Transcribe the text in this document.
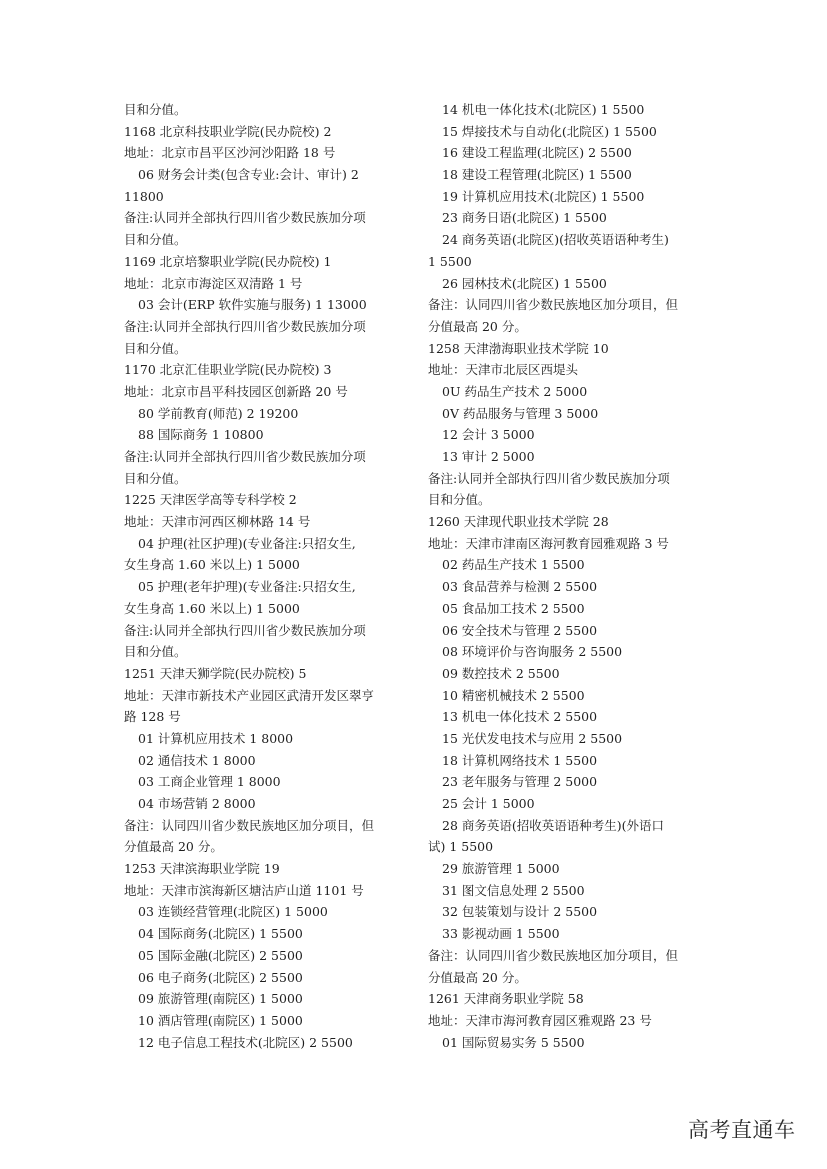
目和分值。
1168 北京科技职业学院(民办院校) 2
地址：北京市昌平区沙河沙阳路 18 号
06 财务会计类(包含专业:会计、审计) 2
11800
备注:认同并全部执行四川省少数民族加分项
目和分值。
1169 北京培黎职业学院(民办院校) 1
地址：北京市海淀区双清路 1 号
03 会计(ERP 软件实施与服务) 1 13000
备注:认同并全部执行四川省少数民族加分项
目和分值。
1170 北京汇佳职业学院(民办院校) 3
地址：北京市昌平科技园区创新路 20 号
80 学前教育(师范) 2 19200
88 国际商务 1 10800
备注:认同并全部执行四川省少数民族加分项
目和分值。
1225 天津医学高等专科学校 2
地址：天津市河西区柳林路 14 号
04 护理(社区护理)(专业备注:只招女生,
女生身高 1.60 米以上) 1 5000
05 护理(老年护理)(专业备注:只招女生,
女生身高 1.60 米以上) 1 5000
备注:认同并全部执行四川省少数民族加分项
目和分值。
1251 天津天狮学院(民办院校) 5
地址：天津市新技术产业园区武清开发区翠亨
路 128 号
01 计算机应用技术 1 8000
02 通信技术 1 8000
03 工商企业管理 1 8000
04 市场营销 2 8000
备注：认同四川省少数民族地区加分项目，但
分值最高 20 分。
1253 天津滨海职业学院 19
地址：天津市滨海新区塘沽庐山道 1101 号
03 连锁经营管理(北院区) 1 5000
04 国际商务(北院区) 1 5500
05 国际金融(北院区) 2 5500
06 电子商务(北院区) 2 5500
09 旅游管理(南院区) 1 5000
10 酒店管理(南院区) 1 5000
12 电子信息工程技术(北院区) 2 5500
14 机电一体化技术(北院区) 1 5500
15 焊接技术与自动化(北院区) 1 5500
16 建设工程监理(北院区) 2 5500
18 建设工程管理(北院区) 1 5500
19 计算机应用技术(北院区) 1 5500
23 商务日语(北院区) 1 5500
24 商务英语(北院区)(招收英语语种考生)
1 5500
26 园林技术(北院区) 1 5500
备注：认同四川省少数民族地区加分项目，但
分值最高 20 分。
1258 天津渤海职业技术学院 10
地址：天津市北辰区西堤头
0U 药品生产技术 2 5000
0V 药品服务与管理 3 5000
12 会计 3 5000
13 审计 2 5000
备注:认同并全部执行四川省少数民族加分项
目和分值。
1260 天津现代职业技术学院 28
地址：天津市津南区海河教育园雅观路 3 号
02 药品生产技术 1 5500
03 食品营养与检测 2 5500
05 食品加工技术 2 5500
06 安全技术与管理 2 5500
08 环境评价与咨询服务 2 5500
09 数控技术 2 5500
10 精密机械技术 2 5500
13 机电一体化技术 2 5500
15 光伏发电技术与应用 2 5500
18 计算机网络技术 1 5500
23 老年服务与管理 2 5000
25 会计 1 5000
28 商务英语(招收英语语种考生)(外语口
试) 1 5500
29 旅游管理 1 5000
31 图文信息处理 2 5500
32 包装策划与设计 2 5500
33 影视动画 1 5500
备注：认同四川省少数民族地区加分项目，但
分值最高 20 分。
1261 天津商务职业学院 58
地址：天津市海河教育园区雅观路 23 号
01 国际贸易实务 5 5500
高考直通车
